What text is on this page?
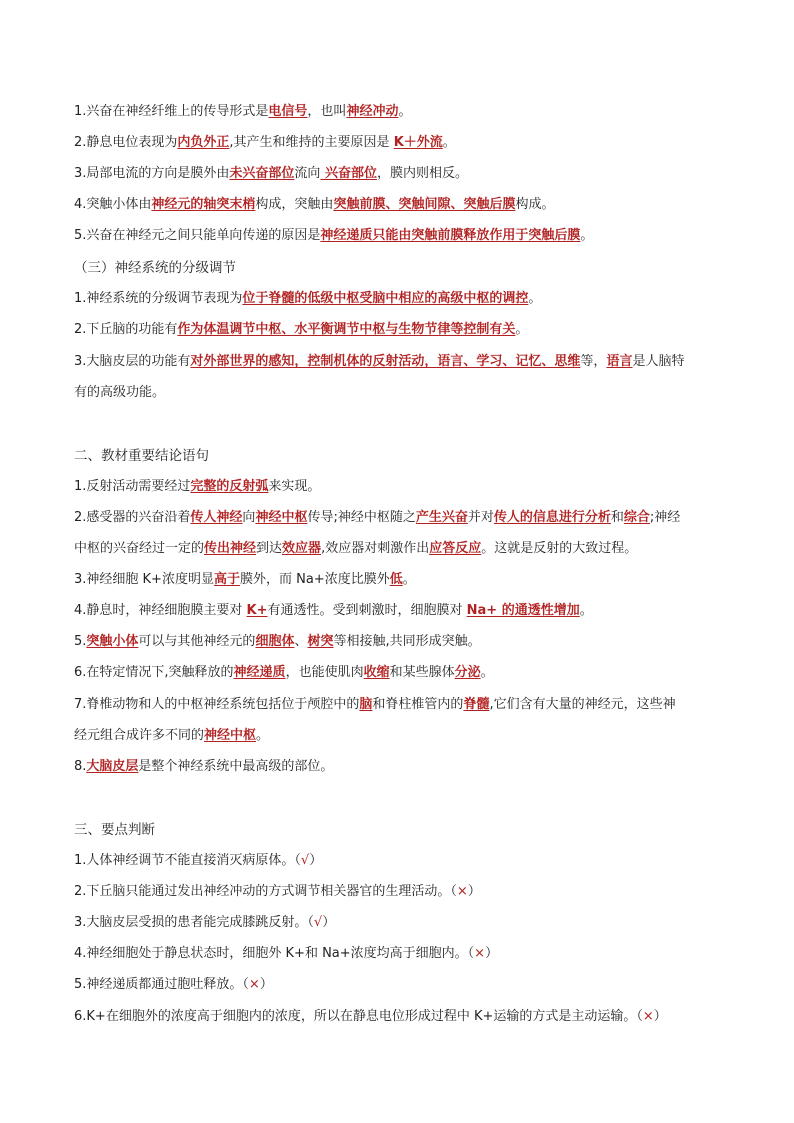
1.兴奋在神经纤维上的传导形式是电信号，也叫神经冲动。
2.静息电位表现为内负外正,其产生和维持的主要原因是 K＋外流。
3.局部电流的方向是膜外由未兴奋部位流向 兴奋部位，膜内则相反。
4.突触小体由神经元的轴突末梢构成，突触由突触前膜、突触间隙、突触后膜构成。
5.兴奋在神经元之间只能单向传递的原因是神经递质只能由突触前膜释放作用于突触后膜。
（三）神经系统的分级调节
1.神经系统的分级调节表现为位于脊髓的低级中枢受脑中相应的高级中枢的调控。
2.下丘脑的功能有作为体温调节中枢、水平衡调节中枢与生物节律等控制有关。
3.大脑皮层的功能有对外部世界的感知，控制机体的反射活动，语言、学习、记忆、思维等，语言是人脑特
有的高级功能。
二、教材重要结论语句
1.反射活动需要经过完整的反射弧来实现。
2.感受器的兴奋沿着传人神经向神经中枢传导;神经中枢随之产生兴奋并对传人的信息进行分析和综合;神经
中枢的兴奋经过一定的传出神经到达效应器,效应器对刺激作出应答反应。这就是反射的大致过程。
3.神经细胞 K+浓度明显高于膜外，而 Na+浓度比膜外低。
4.静息时，神经细胞膜主要对 K+有通透性。受到刺激时，细胞膜对 Na+ 的通透性增加。
5.突触小体可以与其他神经元的细胞体、树突等相接触,共同形成突触。
6.在特定情况下,突触释放的神经递质，也能使肌肉收缩和某些腺体分泌。
7.脊椎动物和人的中枢神经系统包括位于颅腔中的脑和脊柱椎管内的脊髓,它们含有大量的神经元，这些神
经元组合成许多不同的神经中枢。
8.大脑皮层是整个神经系统中最高级的部位。
三、要点判断
1.人体神经调节不能直接消灭病原体。（√）
2.下丘脑只能通过发出神经冲动的方式调节相关器官的生理活动。（×）
3.大脑皮层受损的患者能完成膝跳反射。（√）
4.神经细胞处于静息状态时，细胞外 K+和 Na+浓度均高于细胞内。（×）
5.神经递质都通过胞吐释放。（×）
6.K+在细胞外的浓度高于细胞内的浓度，所以在静息电位形成过程中 K+运输的方式是主动运输。（×）
